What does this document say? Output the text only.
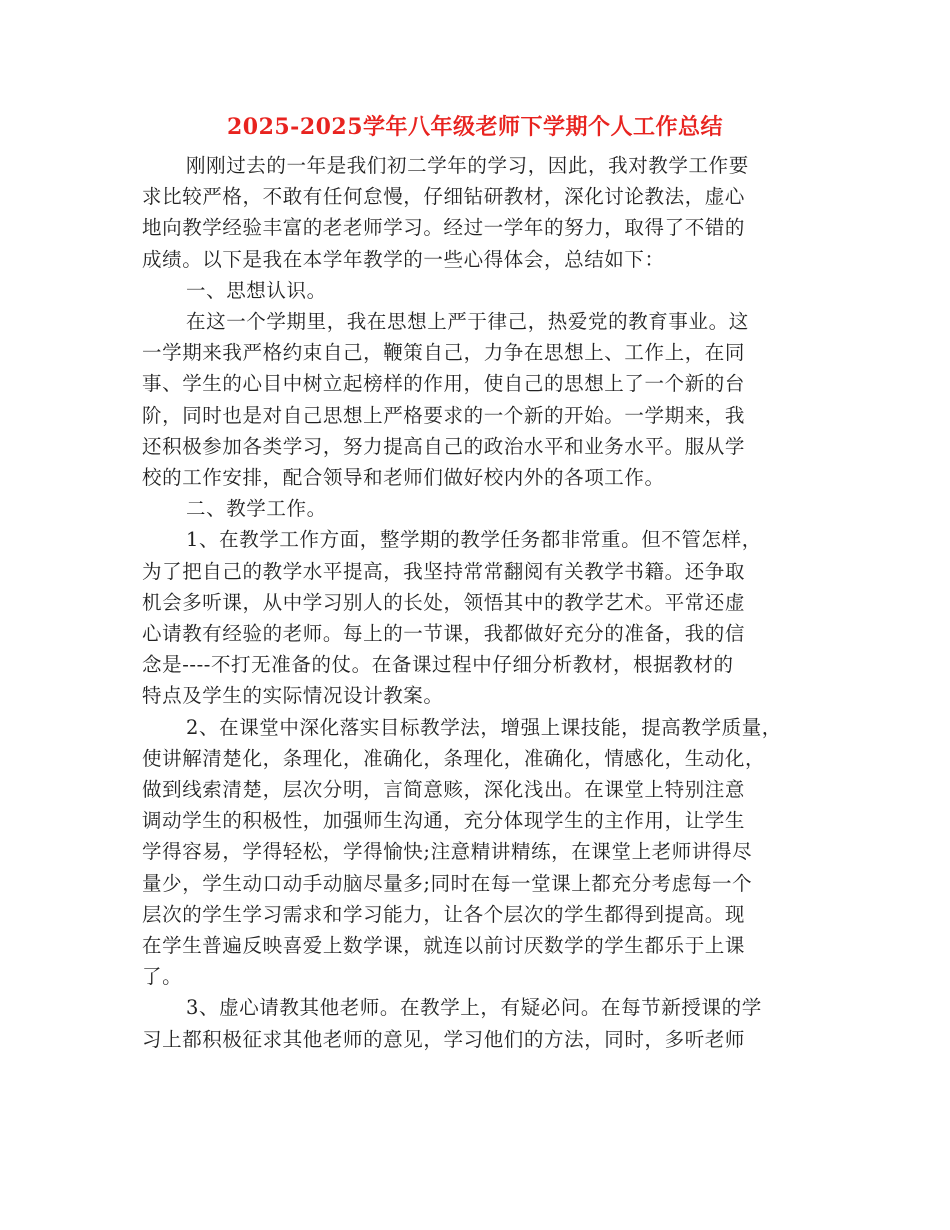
2025-2025学年八年级老师下学期个人工作总结
刚刚过去的一年是我们初二学年的学习，因此，我对教学工作要
求比较严格，不敢有任何怠慢，仔细钻研教材，深化讨论教法，虚心
地向教学经验丰富的老老师学习。经过一学年的努力，取得了不错的
成绩。以下是我在本学年教学的一些心得体会，总结如下：
一、思想认识。
在这一个学期里，我在思想上严于律己，热爱党的教育事业。这
一学期来我严格约束自己，鞭策自己，力争在思想上、工作上，在同
事、学生的心目中树立起榜样的作用，使自己的思想上了一个新的台
阶，同时也是对自己思想上严格要求的一个新的开始。一学期来，我
还积极参加各类学习，努力提高自己的政治水平和业务水平。服从学
校的工作安排，配合领导和老师们做好校内外的各项工作。
二、教学工作。
1、在教学工作方面，整学期的教学任务都非常重。但不管怎样，
为了把自己的教学水平提高，我坚持常常翻阅有关教学书籍。还争取
机会多听课，从中学习别人的长处，领悟其中的教学艺术。平常还虚
心请教有经验的老师。每上的一节课，我都做好充分的准备，我的信
念是----不打无准备的仗。在备课过程中仔细分析教材，根据教材的
特点及学生的实际情况设计教案。
2、在课堂中深化落实目标教学法，增强上课技能，提高教学质量，
使讲解清楚化，条理化，准确化，条理化，准确化，情感化，生动化，
做到线索清楚，层次分明，言简意赅，深化浅出。在课堂上特别注意
调动学生的积极性，加强师生沟通，充分体现学生的主作用，让学生
学得容易，学得轻松，学得愉快;注意精讲精练，在课堂上老师讲得尽
量少，学生动口动手动脑尽量多;同时在每一堂课上都充分考虑每一个
层次的学生学习需求和学习能力，让各个层次的学生都得到提高。现
在学生普遍反映喜爱上数学课，就连以前讨厌数学的学生都乐于上课
了。
3、虚心请教其他老师。在教学上，有疑必问。在每节新授课的学
习上都积极征求其他老师的意见，学习他们的方法，同时，多听老师
